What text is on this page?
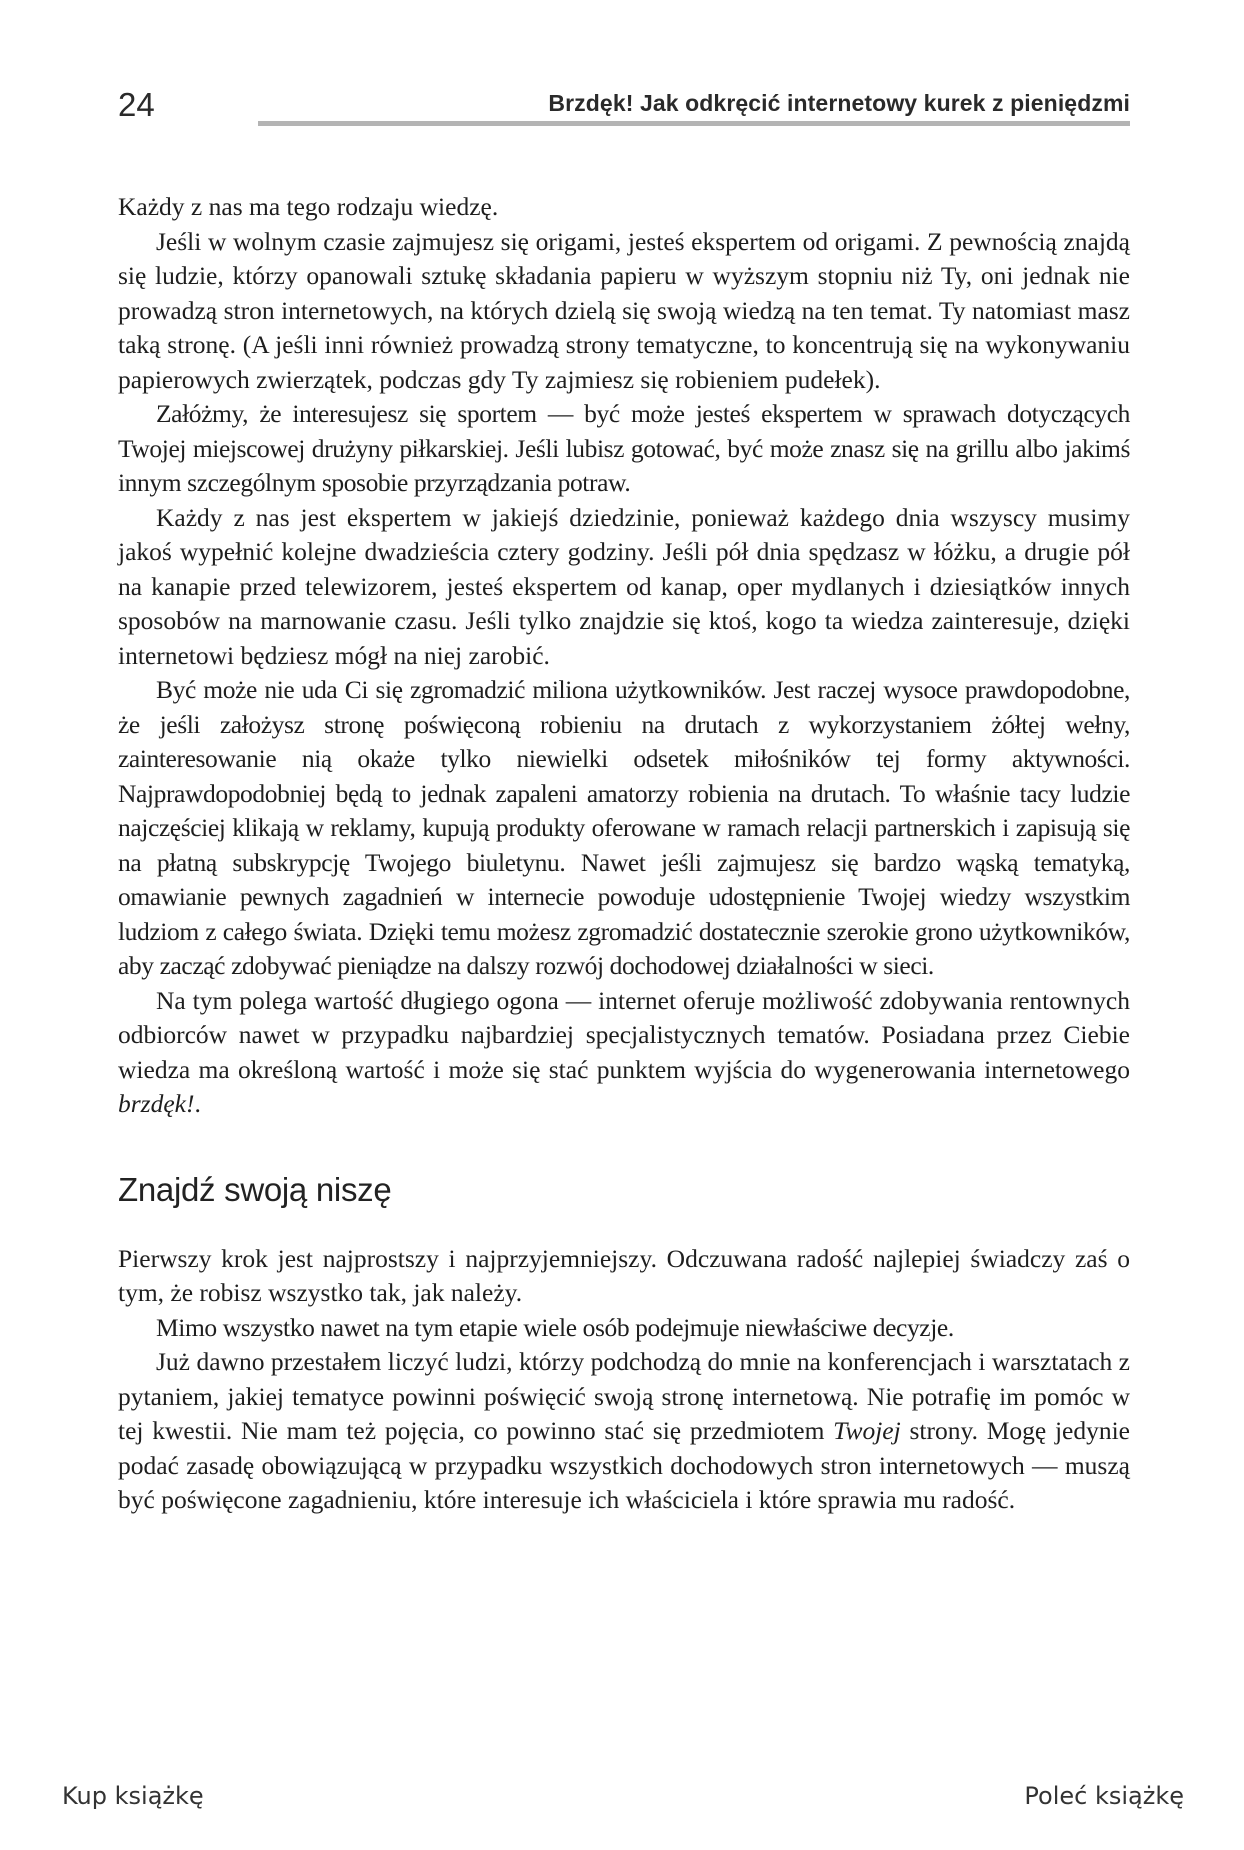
24	Brzdęk! Jak odkręcić internetowy kurek z pieniędzmi

Każdy z nas ma tego rodzaju wiedzę.

Jeśli w wolnym czasie zajmujesz się origami, jesteś ekspertem od origami. Z pewnością znajdą się ludzie, którzy opanowali sztukę składania papieru w wyższym stopniu niż Ty, oni jednak nie prowadzą stron internetowych, na których dzielą się swoją wiedzą na ten temat. Ty natomiast masz taką stronę. (A jeśli inni również prowadzą strony tematyczne, to koncentrują się na wykonywaniu papierowych zwierzątek, podczas gdy Ty zajmiesz się robieniem pudełek).

Załóżmy, że interesujesz się sportem — być może jesteś ekspertem w sprawach dotyczących Twojej miejscowej drużyny piłkarskiej. Jeśli lubisz gotować, być może znasz się na grillu albo jakimś innym szczególnym sposobie przyrządzania potraw.

Każdy z nas jest ekspertem w jakiejś dziedzinie, ponieważ każdego dnia wszyscy musimy jakoś wypełnić kolejne dwadzieścia cztery godziny. Jeśli pół dnia spędzasz w łóżku, a drugie pół na kanapie przed telewizorem, jesteś ekspertem od kanap, oper mydlanych i dziesiątków innych sposobów na marnowanie czasu. Jeśli tylko znajdzie się ktoś, kogo ta wiedza zainteresuje, dzięki internetowi będziesz mógł na niej zarobić.

Być może nie uda Ci się zgromadzić miliona użytkowników. Jest raczej wysoce prawdopodobne, że jeśli założysz stronę poświęconą robieniu na drutach z wykorzystaniem żółtej wełny, zainteresowanie nią okaże tylko niewielki odsetek miłośników tej formy aktywności. Najprawdopodobniej będą to jednak zapaleni amatorzy robienia na drutach. To właśnie tacy ludzie najczęściej klikają w reklamy, kupują produkty oferowane w ramach relacji partnerskich i zapisują się na płatną subskrypcję Twojego biuletynu. Nawet jeśli zajmujesz się bardzo wąską tematyką, omawianie pewnych zagadnień w internecie powoduje udostępnienie Twojej wiedzy wszystkim ludziom z całego świata. Dzięki temu możesz zgromadzić dostatecznie szerokie grono użytkowników, aby zacząć zdobywać pieniądze na dalszy rozwój dochodowej działalności w sieci.

Na tym polega wartość długiego ogona — internet oferuje możliwość zdobywania rentownych odbiorców nawet w przypadku najbardziej specjalistycznych tematów. Posiadana przez Ciebie wiedza ma określoną wartość i może się stać punktem wyjścia do wygenerowania internetowego brzdęk!.

Znajdź swoją niszę

Pierwszy krok jest najprostszy i najprzyjemniejszy. Odczuwana radość najlepiej świadczy zaś o tym, że robisz wszystko tak, jak należy.

Mimo wszystko nawet na tym etapie wiele osób podejmuje niewłaściwe decyzje.

Już dawno przestałem liczyć ludzi, którzy podchodzą do mnie na konferencjach i warsztatach z pytaniem, jakiej tematyce powinni poświęcić swoją stronę internetową. Nie potrafię im pomóc w tej kwestii. Nie mam też pojęcia, co powinno stać się przedmiotem Twojej strony. Mogę jedynie podać zasadę obowiązującą w przypadku wszystkich dochodowych stron internetowych — muszą być poświęcone zagadnieniu, które interesuje ich właściciela i które sprawia mu radość.

Kup książkę	Poleć książkę
